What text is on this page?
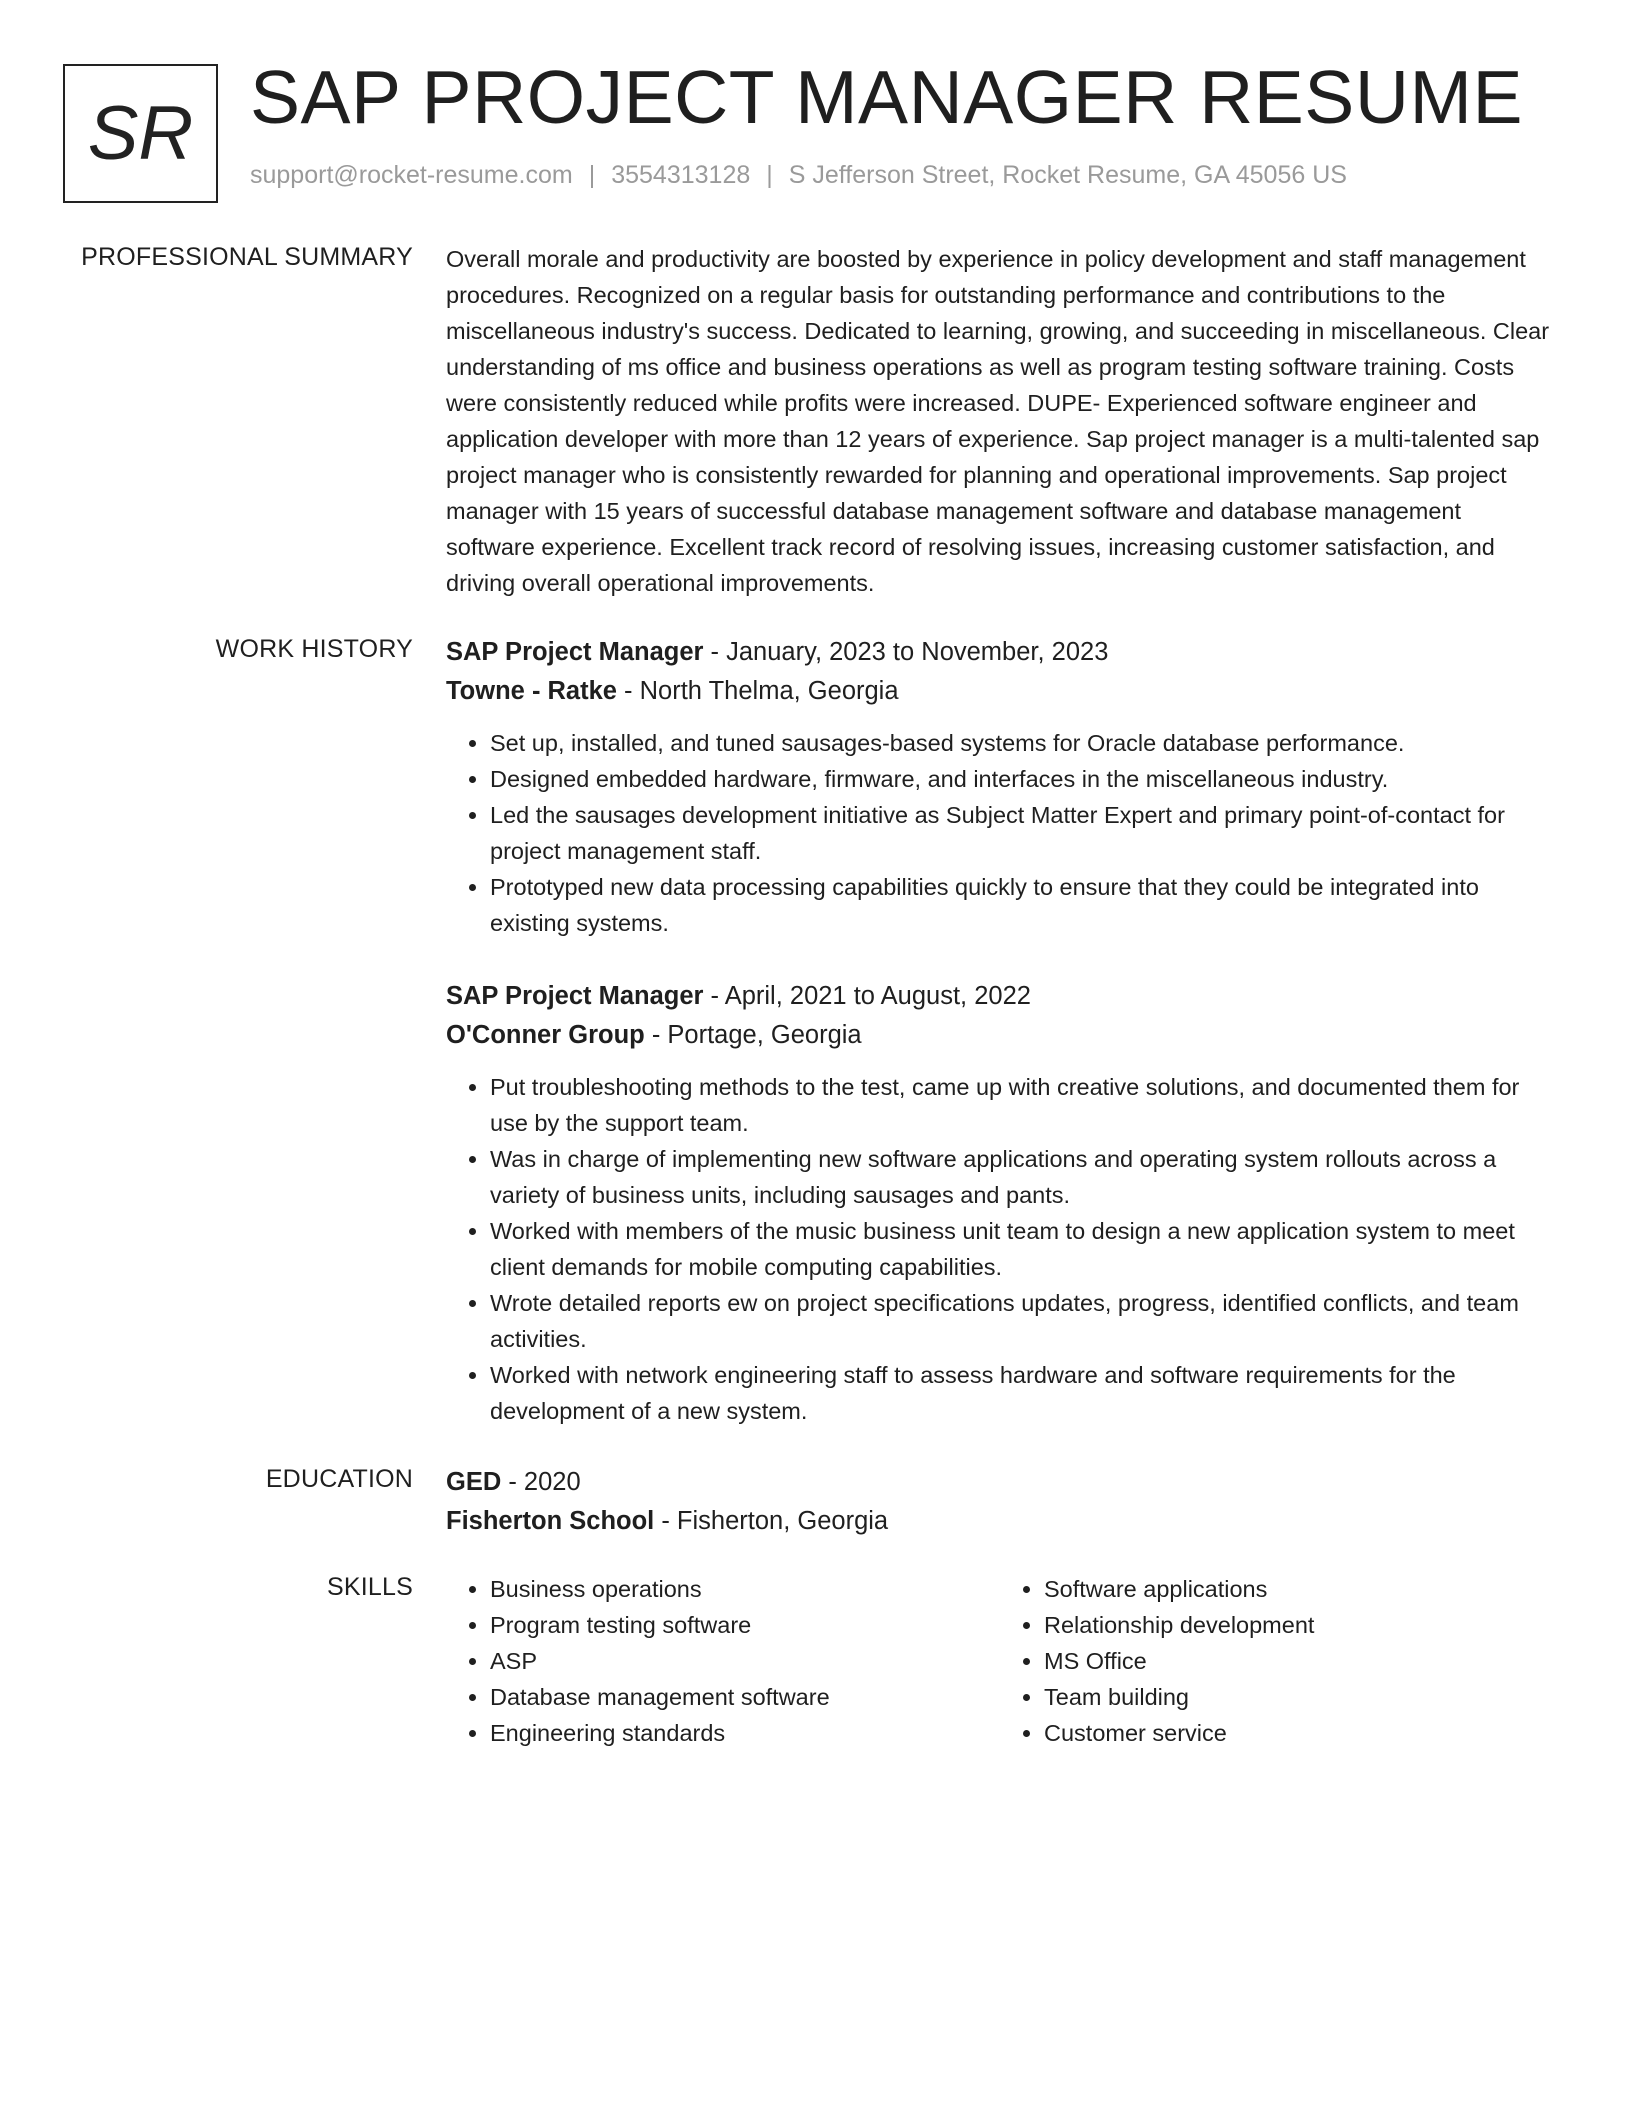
SR SAP PROJECT MANAGER RESUME
support@rocket-resume.com | 3554313128 | S Jefferson Street, Rocket Resume, GA 45056 US
PROFESSIONAL SUMMARY Overall morale and productivity are boosted by experience in policy development and staff management procedures. Recognized on a regular basis for outstanding performance and contributions to the miscellaneous industry's success. Dedicated to learning, growing, and succeeding in miscellaneous. Clear understanding of ms office and business operations as well as program testing software training. Costs were consistently reduced while profits were increased. DUPE- Experienced software engineer and application developer with more than 12 years of experience. Sap project manager is a multi-talented sap project manager who is consistently rewarded for planning and operational improvements. Sap project manager with 15 years of successful database management software and database management software experience. Excellent track record of resolving issues, increasing customer satisfaction, and driving overall operational improvements.
WORK HISTORY SAP Project Manager - January, 2023 to November, 2023
Towne - Ratke - North Thelma, Georgia
• Set up, installed, and tuned sausages-based systems for Oracle database performance.
• Designed embedded hardware, firmware, and interfaces in the miscellaneous industry.
• Led the sausages development initiative as Subject Matter Expert and primary point-of-contact for project management staff.
• Prototyped new data processing capabilities quickly to ensure that they could be integrated into existing systems.
SAP Project Manager - April, 2021 to August, 2022
O'Conner Group - Portage, Georgia
• Put troubleshooting methods to the test, came up with creative solutions, and documented them for use by the support team.
• Was in charge of implementing new software applications and operating system rollouts across a variety of business units, including sausages and pants.
• Worked with members of the music business unit team to design a new application system to meet client demands for mobile computing capabilities.
• Wrote detailed reports ew on project specifications updates, progress, identified conflicts, and team activities.
• Worked with network engineering staff to assess hardware and software requirements for the development of a new system.
EDUCATION GED - 2020
Fisherton School - Fisherton, Georgia
SKILLS
•	Business operations
• Program testing software
• ASP
• Database management software
• Engineering standards
• Software applications
• Relationship development
• MS Office
• Team building
• Customer service
